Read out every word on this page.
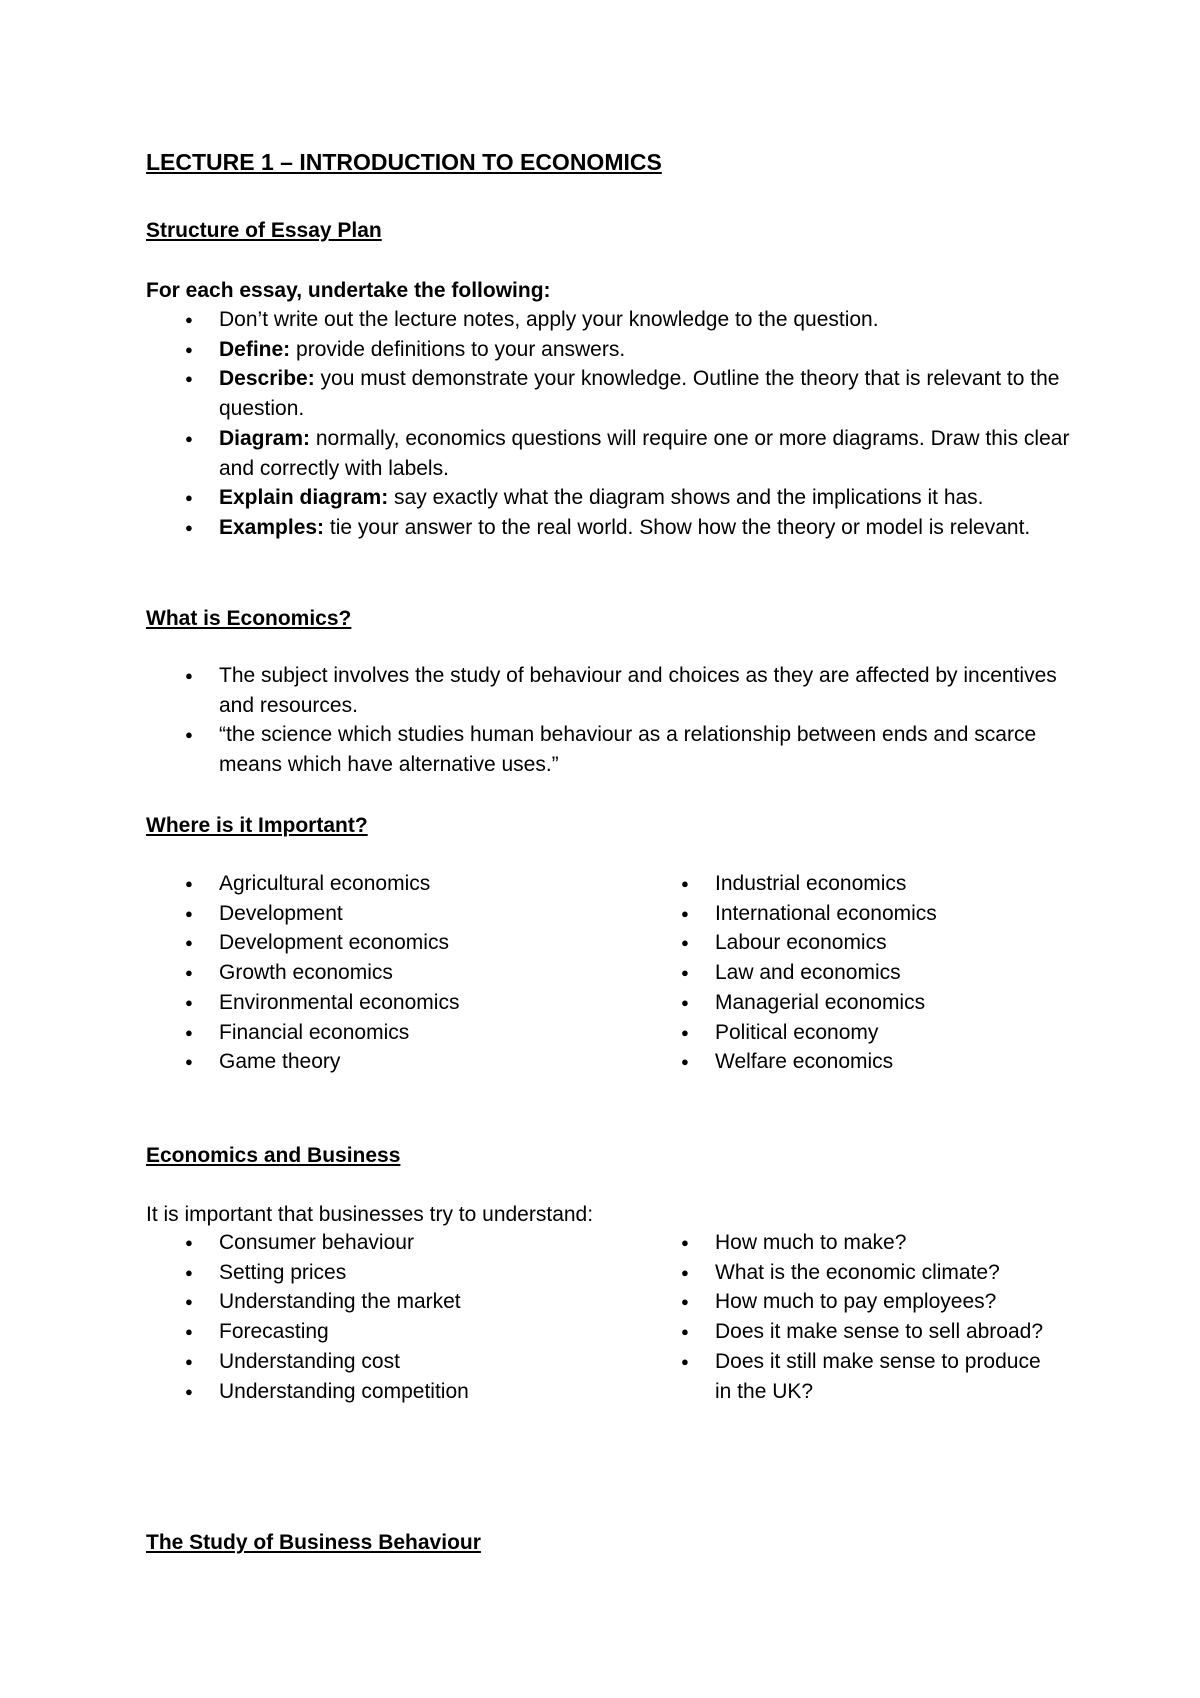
LECTURE 1 – INTRODUCTION TO ECONOMICS
Structure of Essay Plan
For each essay, undertake the following:
● Don’t write out the lecture notes, apply your knowledge to the question.
● Define: provide definitions to your answers.
● Describe: you must demonstrate your knowledge. Outline the theory that is relevant to the question.
● Diagram: normally, economics questions will require one or more diagrams. Draw this clear and correctly with labels.
● Explain diagram: say exactly what the diagram shows and the implications it has.
● Examples: tie your answer to the real world. Show how the theory or model is relevant.
What is Economics?
● The subject involves the study of behaviour and choices as they are affected by incentives and resources.
● “the science which studies human behaviour as a relationship between ends and scarce means which have alternative uses.”
Where is it Important?
● Agricultural economics
● Development
● Development economics
● Growth economics
● Environmental economics
● Financial economics
● Game theory
● Industrial economics
● International economics
● Labour economics
● Law and economics
● Managerial economics
● Political economy
● Welfare economics
Economics and Business
It is important that businesses try to understand:
● Consumer behaviour
● Setting prices
● Understanding the market
● Forecasting
● Understanding cost
● Understanding competition
● How much to make?
● What is the economic climate?
● How much to pay employees?
● Does it make sense to sell abroad?
● Does it still make sense to produce in the UK?
The Study of Business Behaviour
